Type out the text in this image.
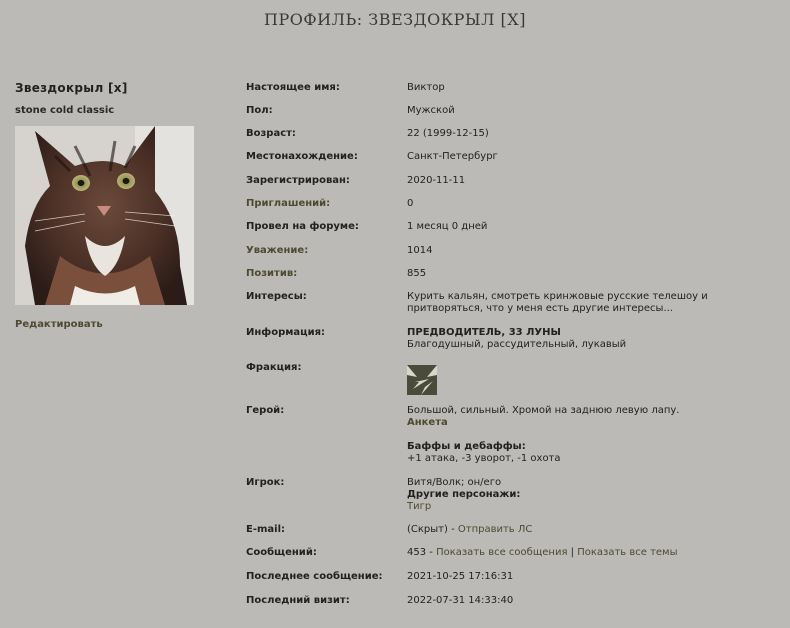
ПРОФИЛЬ: ЗВЕЗДОКРЫЛ [Х]
Звездокрыл [х]
stone cold classic
Редактировать
Настоящее имя:	Виктор
Пол:	Мужской
Возраст:	22 (1999-12-15)
Местонахождение:	Санкт-Петербург
Зарегистрирован:	2020-11-11
Приглашений:	0
Провел на форуме:	1 месяц 0 дней
Уважение:	1014
Позитив:	855
Интересы:	Курить кальян, смотреть кринжовые русские телешоу и притворяться, что у меня есть другие интересы...
Информация:	ПРЕДВОДИТЕЛЬ, 33 ЛУНЫ
Благодушный, рассудительный, лукавый
Фракция:
Герой:	Большой, сильный. Хромой на заднюю левую лапу.
Анкета
Баффы и дебаффы:
+1 атака, -3 уворот, -1 охота
Игрок:	Витя/Волк; он/его
Другие персонажи:
Тигр
E-mail:	(Скрыт) - Отправить ЛС
Сообщений:	453 - Показать все сообщения | Показать все темы
Последнее сообщение:	2021-10-25 17:16:31
Последний визит:	2022-07-31 14:33:40
